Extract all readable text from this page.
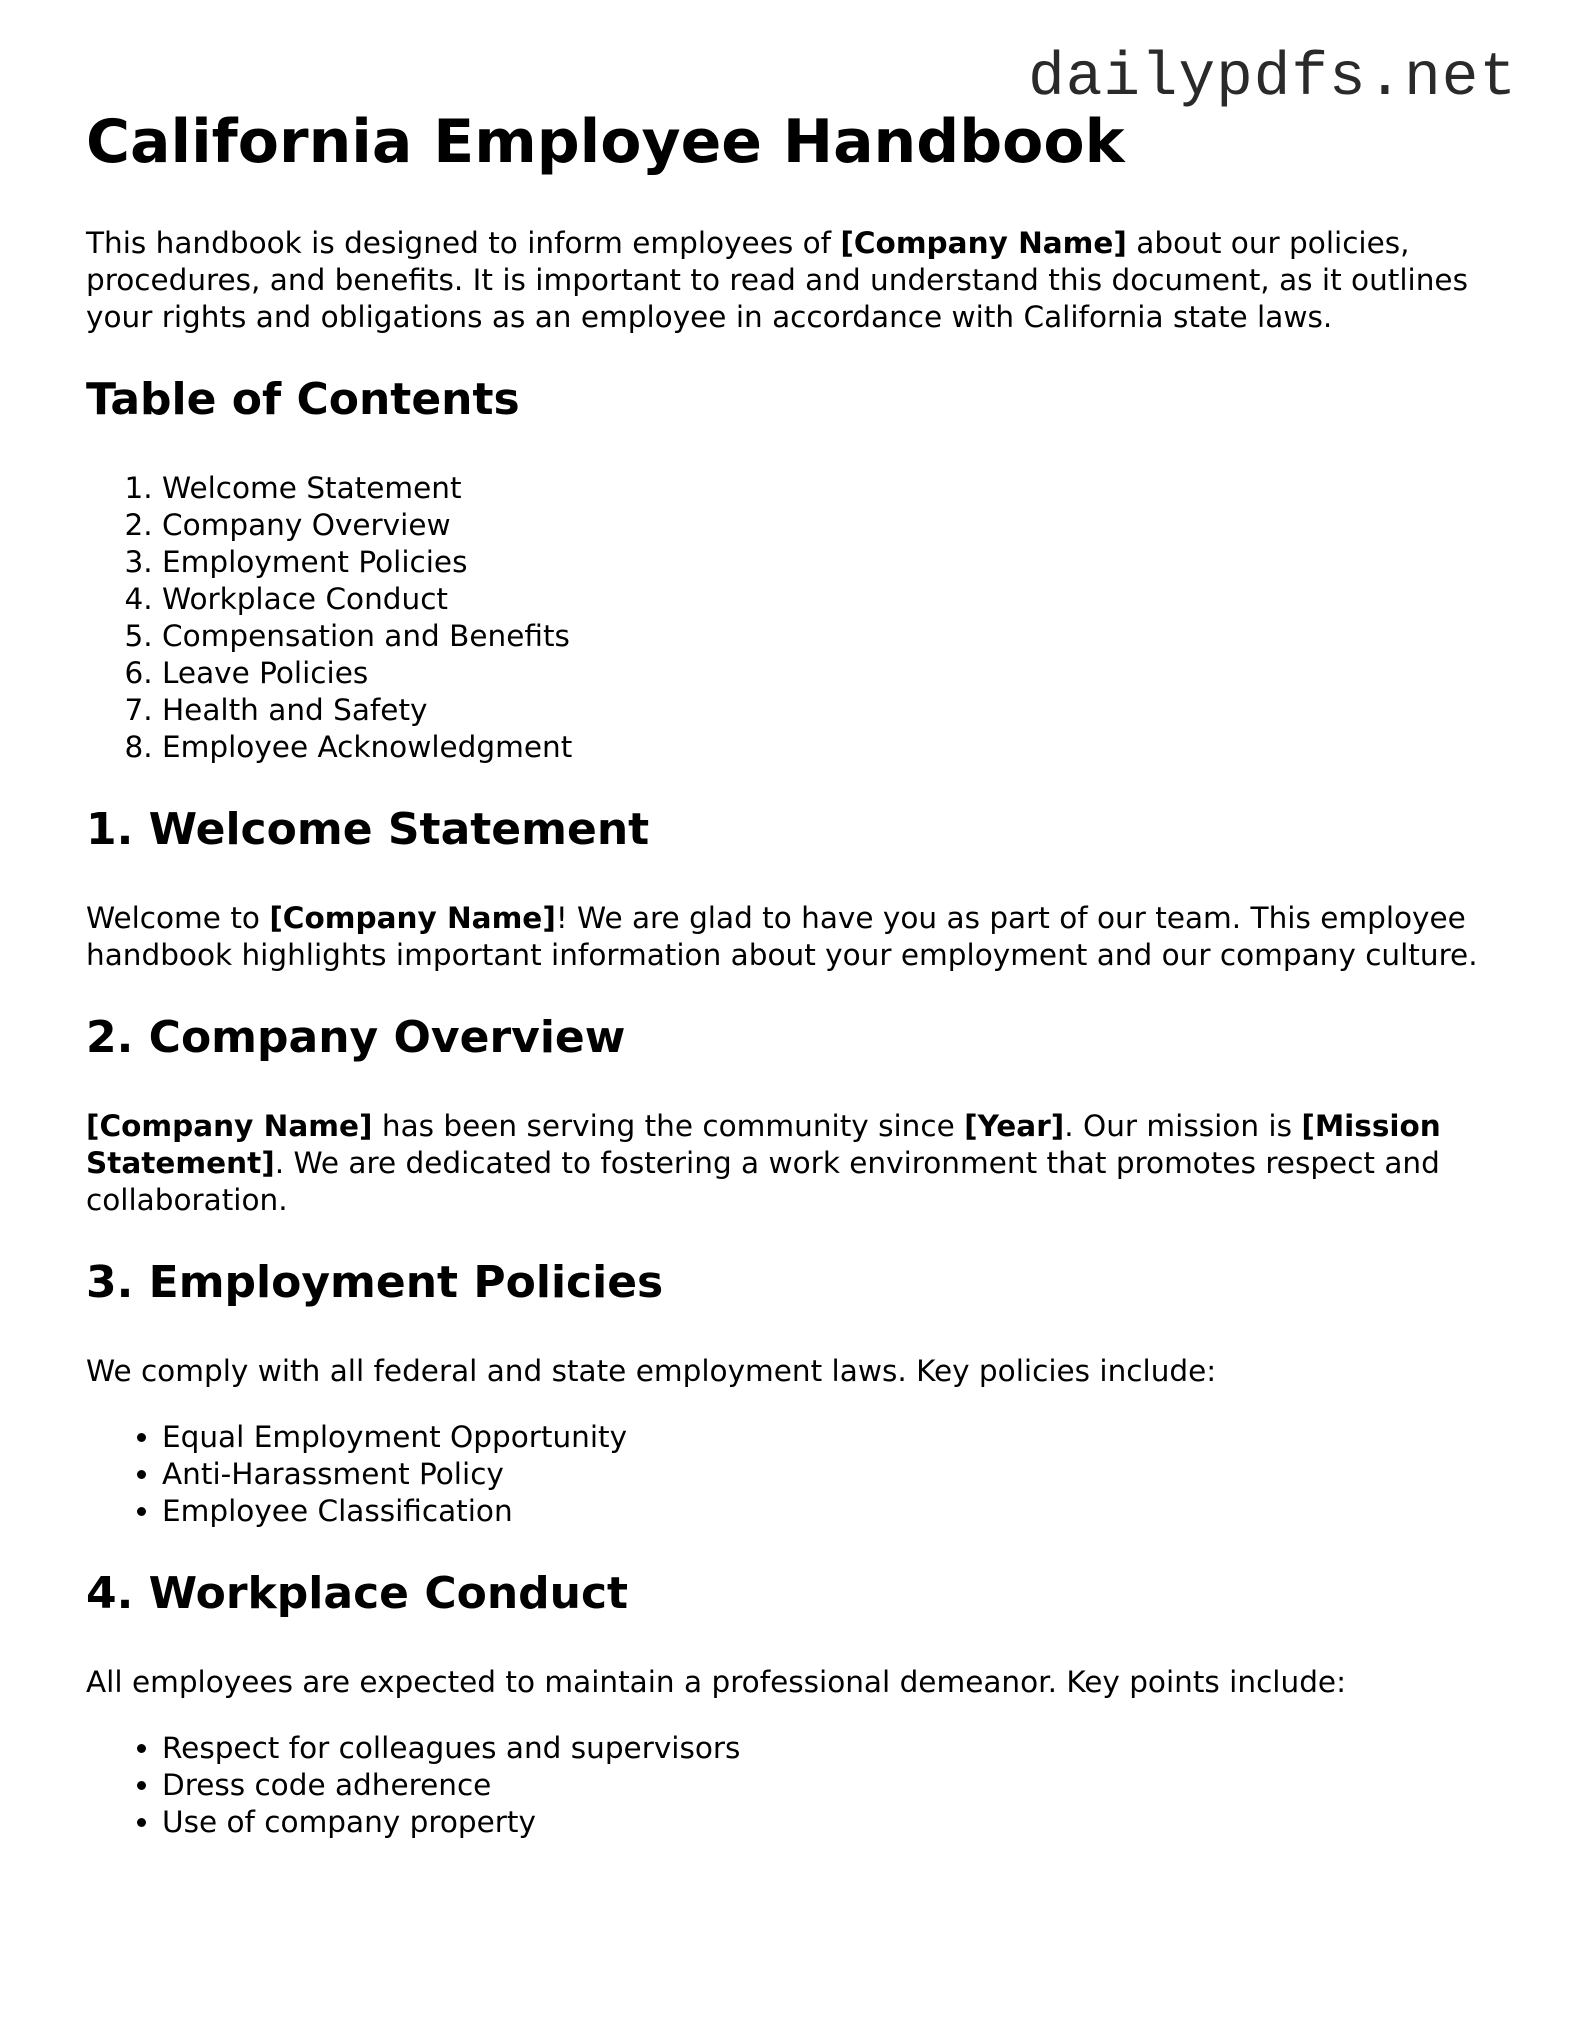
dailypdfs.net
California Employee Handbook

This handbook is designed to inform employees of [Company Name] about our policies, procedures, and benefits. It is important to read and understand this document, as it outlines your rights and obligations as an employee in accordance with California state laws.

Table of Contents
1. Welcome Statement
2. Company Overview
3. Employment Policies
4. Workplace Conduct
5. Compensation and Benefits
6. Leave Policies
7. Health and Safety
8. Employee Acknowledgment
1. Welcome Statement

Welcome to [Company Name]! We are glad to have you as part of our team. This employee handbook highlights important information about your employment and our company culture.

2. Company Overview

[Company Name] has been serving the community since [Year]. Our mission is [Mission Statement]. We are dedicated to fostering a work environment that promotes respect and collaboration.

3. Employment Policies

We comply with all federal and state employment laws. Key policies include:

• Equal Employment Opportunity
• Anti-Harassment Policy
• Employee Classification
4. Workplace Conduct

All employees are expected to maintain a professional demeanor. Key points include:

• Respect for colleagues and supervisors
• Dress code adherence
• Use of company property
